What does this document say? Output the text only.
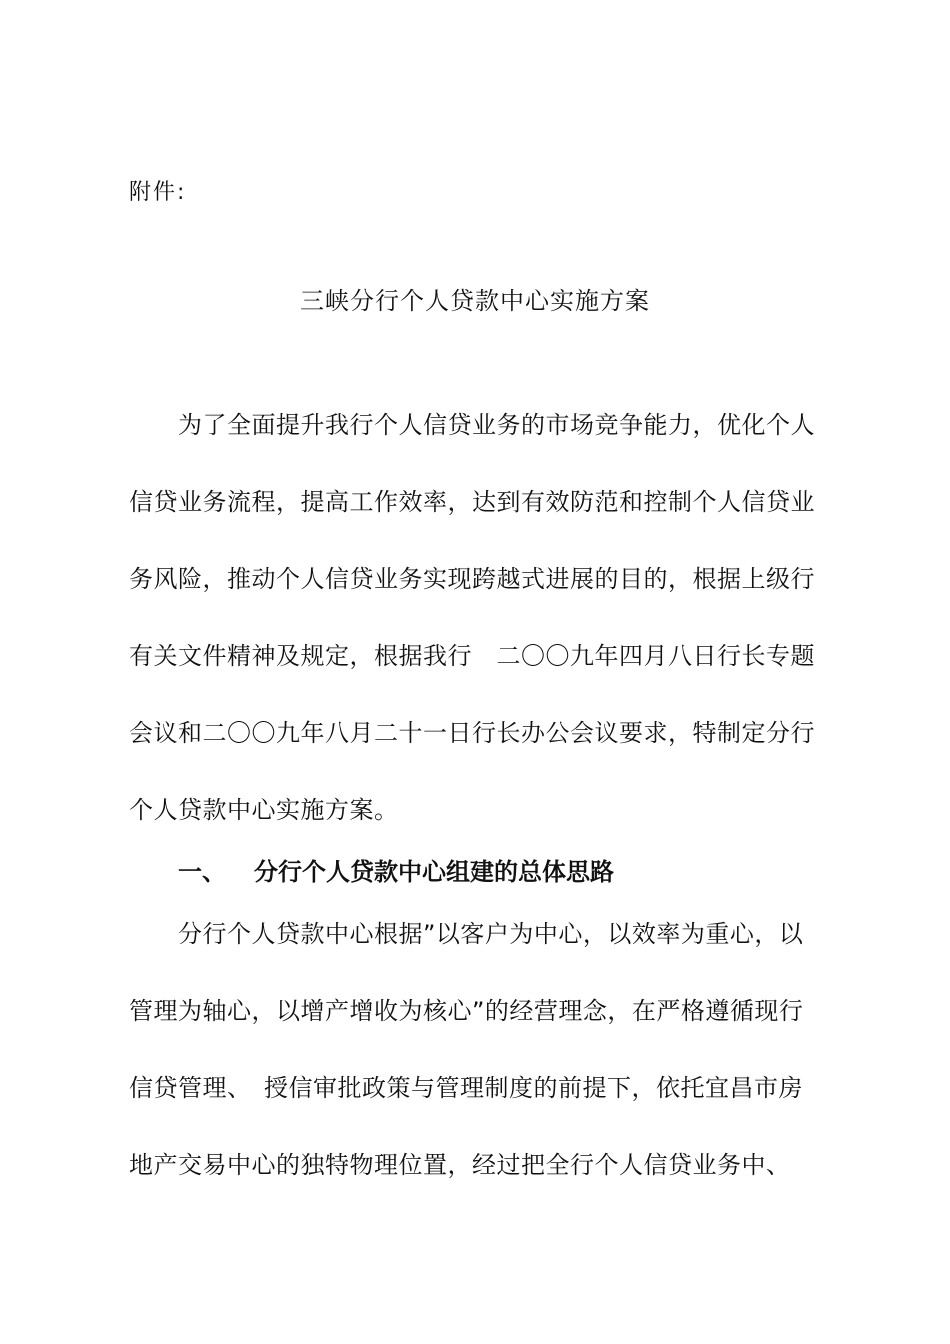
附件:
三峡分行个人贷款中心实施方案
为了全面提升我行个人信贷业务的市场竞争能力，优化个人
信贷业务流程，提高工作效率，达到有效防范和控制个人信贷业
务风险，推动个人信贷业务实现跨越式进展的目的，根据上级行
有关文件精神及规定，根据我行　二〇〇九年四月八日行长专题
会议和二〇〇九年八月二十一日行长办公会议要求，特制定分行
个人贷款中心实施方案。
一、 分行个人贷款中心组建的总体思路
分行个人贷款中心根据”以客户为中心，以效率为重心，以
管理为轴心，以增产增收为核心”的经营理念，在严格遵循现行
信贷管理、　授信审批政策与管理制度的前提下，依托宜昌市房
地产交易中心的独特物理位置，经过把全行个人信贷业务中、
